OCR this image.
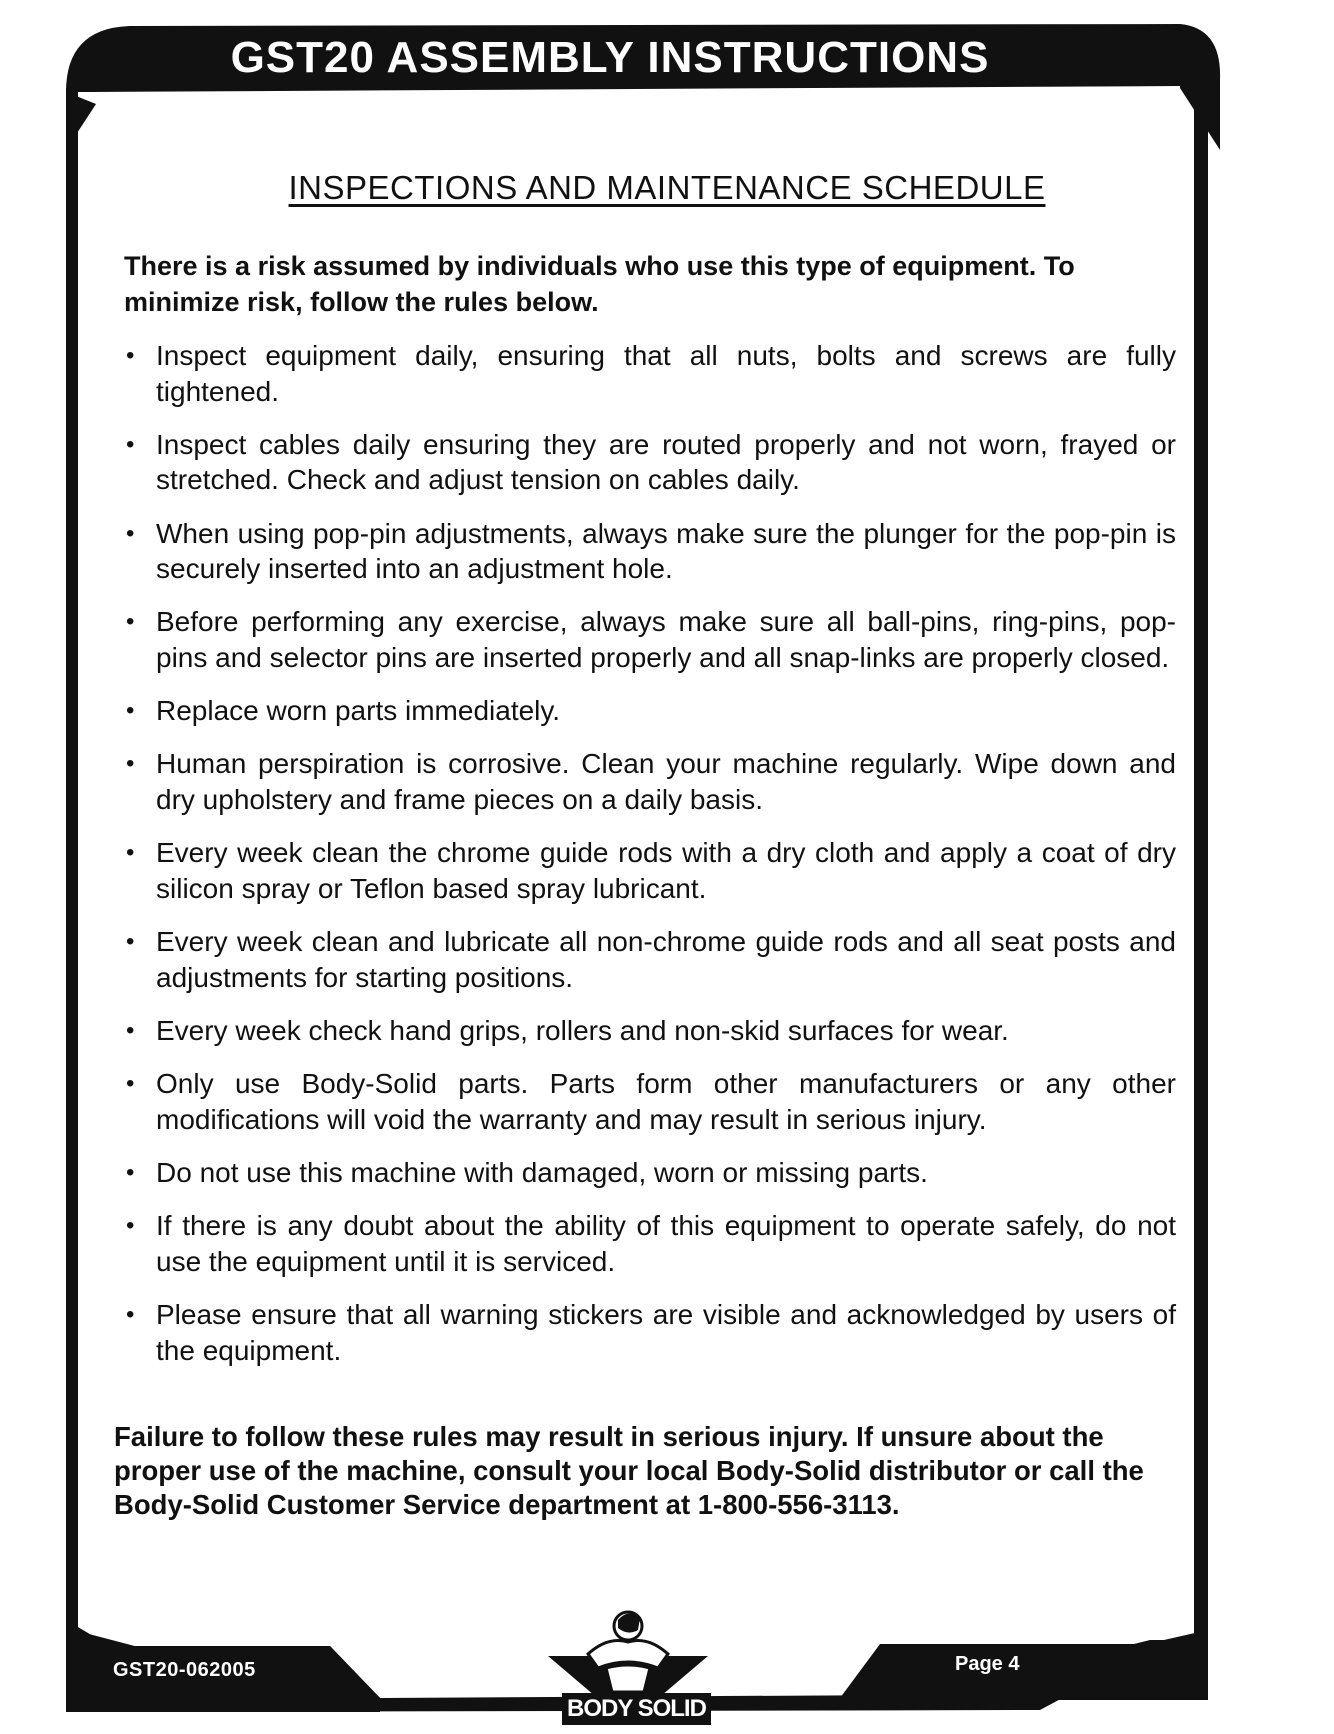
GST20 ASSEMBLY INSTRUCTIONS
INSPECTIONS AND MAINTENANCE SCHEDULE
There is a risk assumed by individuals who use this type of equipment. To minimize risk, follow the rules below.
• Inspect equipment daily, ensuring that all nuts, bolts and screws are fully tightened.
• Inspect cables daily ensuring they are routed properly and not worn, frayed or stretched. Check and adjust tension on cables daily.
• When using pop-pin adjustments, always make sure the plunger for the pop-pin is securely inserted into an adjustment hole.
• Before performing any exercise, always make sure all ball-pins, ring-pins, pop-pins and selector pins are inserted properly and all snap-links are properly closed.
• Replace worn parts immediately.
• Human perspiration is corrosive. Clean your machine regularly. Wipe down and dry upholstery and frame pieces on a daily basis.
• Every week clean the chrome guide rods with a dry cloth and apply a coat of dry silicon spray or Teflon based spray lubricant.
• Every week clean and lubricate all non-chrome guide rods and all seat posts and adjustments for starting positions.
• Every week check hand grips, rollers and non-skid surfaces for wear.
• Only use Body-Solid parts. Parts form other manufacturers or any other modifications will void the warranty and may result in serious injury.
• Do not use this machine with damaged, worn or missing parts.
• If there is any doubt about the ability of this equipment to operate safely, do not use the equipment until it is serviced.
• Please ensure that all warning stickers are visible and acknowledged by users of the equipment.
Failure to follow these rules may result in serious injury. If unsure about the proper use of the machine, consult your local Body-Solid distributor or call the Body-Solid Customer Service department at 1-800-556-3113.
GST20-062005	Page 4
BODY SOLID
